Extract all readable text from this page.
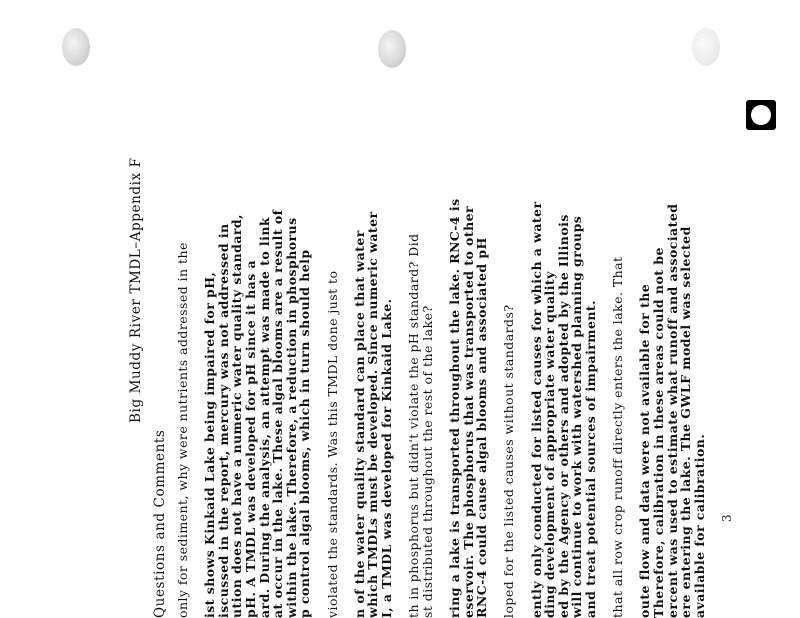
Big Muddy River TMDL–Appendix F
Questions and Comments only for sediment, why were nutrients addressed in the ist shows Kinkaid Lake being impaired for pH,
iscussed in the report, mercury was not addressed in
ution does not have a numeric water quality standard,
pH. A TMDL was developed for pH since it has a
ard. During the analysis, an attempt was made to link
at occur in the lake. These algal blooms are a result of
within the lake. Therefore, a reduction in phosphorus
p control algal blooms, which in turn should help violated the standards. Was this TMDL done just to n of the water quality standard can place that water
which TMDLs must be developed. Since numeric water
I, a TMDL was developed for Kinkaid Lake. th in phosphorus but didn't violate the pH standard? Did
st distributed throughout the rest of the lake? ring a lake is transported throughout the lake. RNC-4 is
eservoir. The phosphorus that was transported to other
RNC-4 could cause algal blooms and associated pH loped for the listed causes without standards? ently only conducted for listed causes for which a water
ding development of appropriate water quality
ed by the Agency or others and adopted by the Illinois
will continue to work with watershed planning groups
and treat potential sources of impairment. that all row crop runoff directly enters the lake. That oute flow and data were not available for the
Therefore, calibration in these areas could not be
ercent was used to estimate what runoff and associated
ere entering the lake. The GWLF model was selected
available for calibration. 3
